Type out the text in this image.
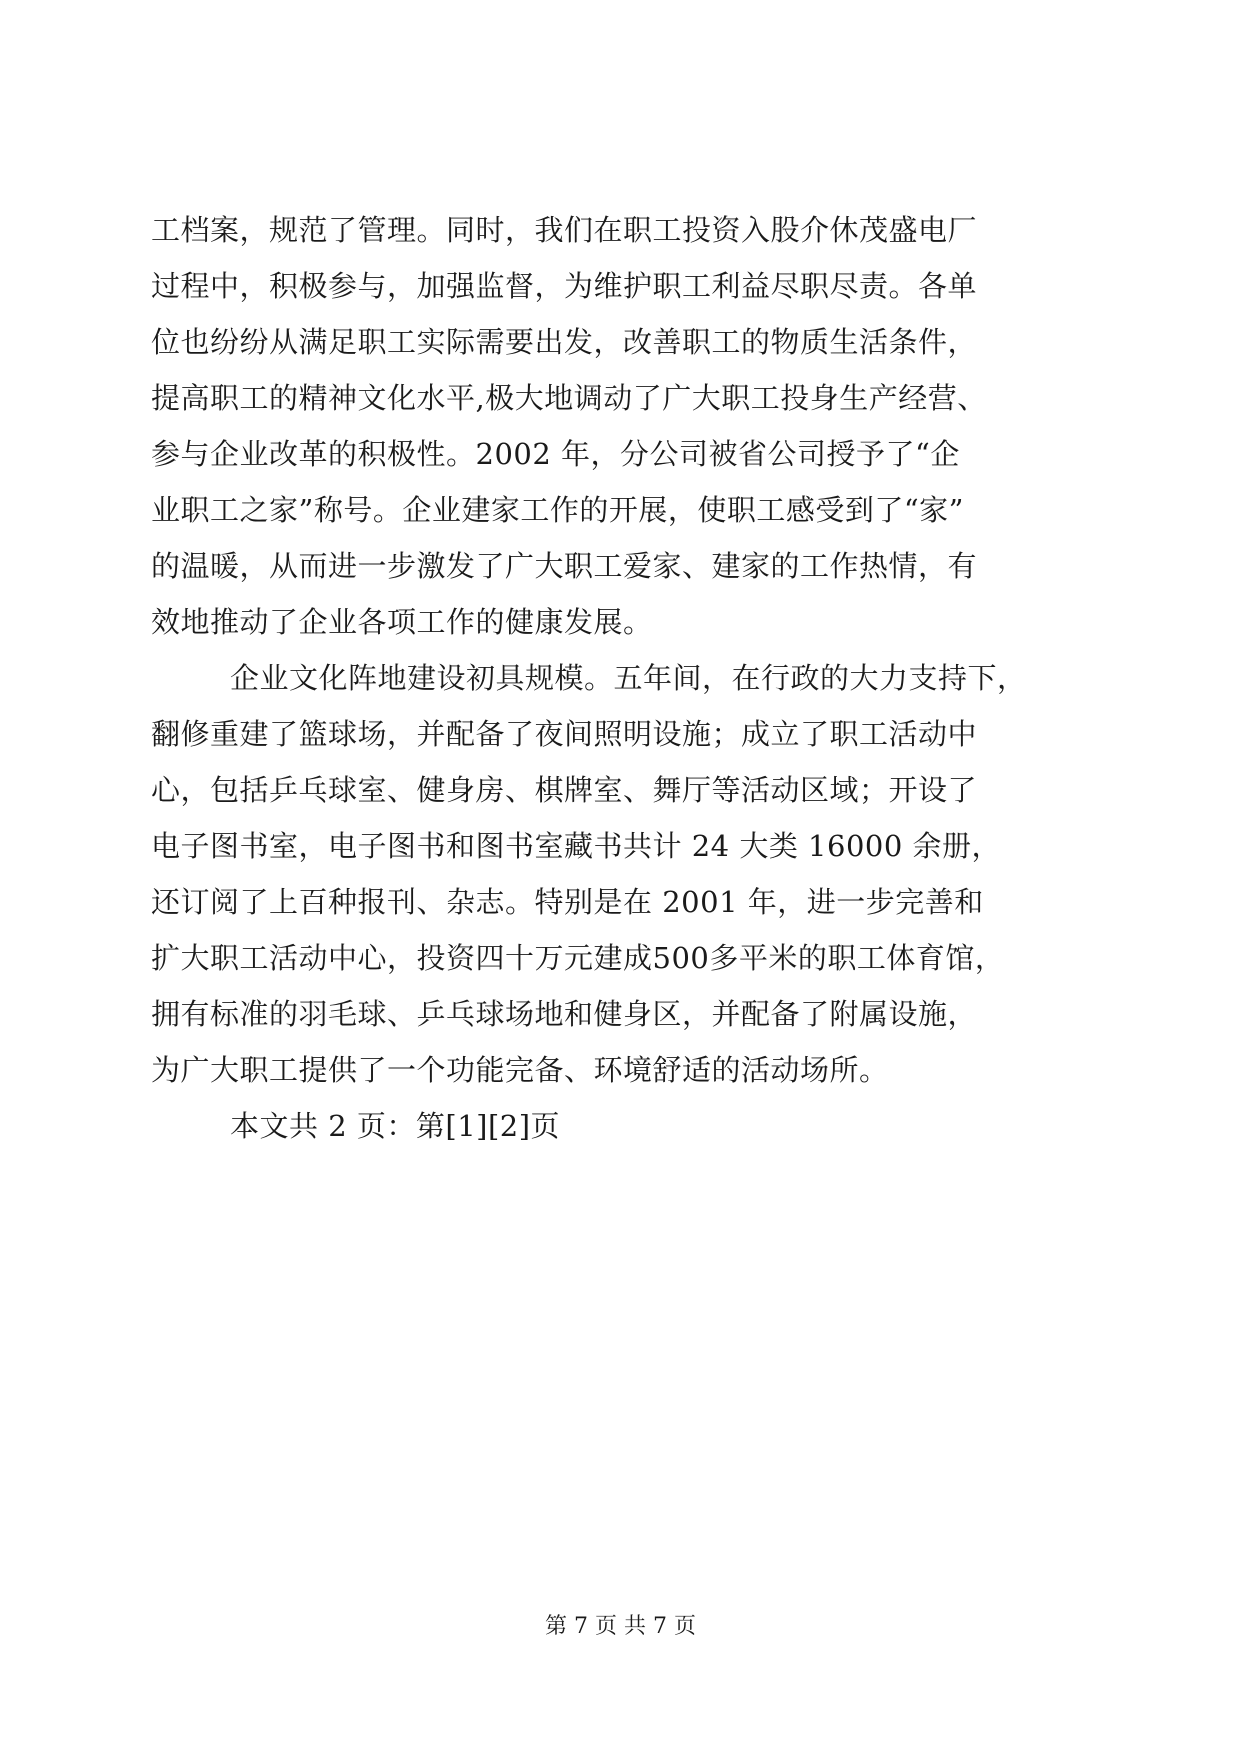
工档案，规范了管理。同时，我们在职工投资入股介休茂盛电厂
过程中，积极参与，加强监督，为维护职工利益尽职尽责。各单
位也纷纷从满足职工实际需要出发，改善职工的物质生活条件，
提高职工的精神文化水平,极大地调动了广大职工投身生产经营、
参与企业改革的积极性。2002 年，分公司被省公司授予了“企
业职工之家”称号。企业建家工作的开展，使职工感受到了“家”
的温暖，从而进一步激发了广大职工爱家、建家的工作热情，有
效地推动了企业各项工作的健康发展。
企业文化阵地建设初具规模。五年间，在行政的大力支持下，
翻修重建了篮球场，并配备了夜间照明设施；成立了职工活动中
心，包括乒乓球室、健身房、棋牌室、舞厅等活动区域；开设了
电子图书室，电子图书和图书室藏书共计 24 大类 16000 余册，
还订阅了上百种报刊、杂志。特别是在 2001 年，进一步完善和
扩大职工活动中心，投资四十万元建成500多平米的职工体育馆，
拥有标准的羽毛球、乒乓球场地和健身区，并配备了附属设施，
为广大职工提供了一个功能完备、环境舒适的活动场所。
本文共 2 页：第[1][2]页
第 7 页 共 7 页
